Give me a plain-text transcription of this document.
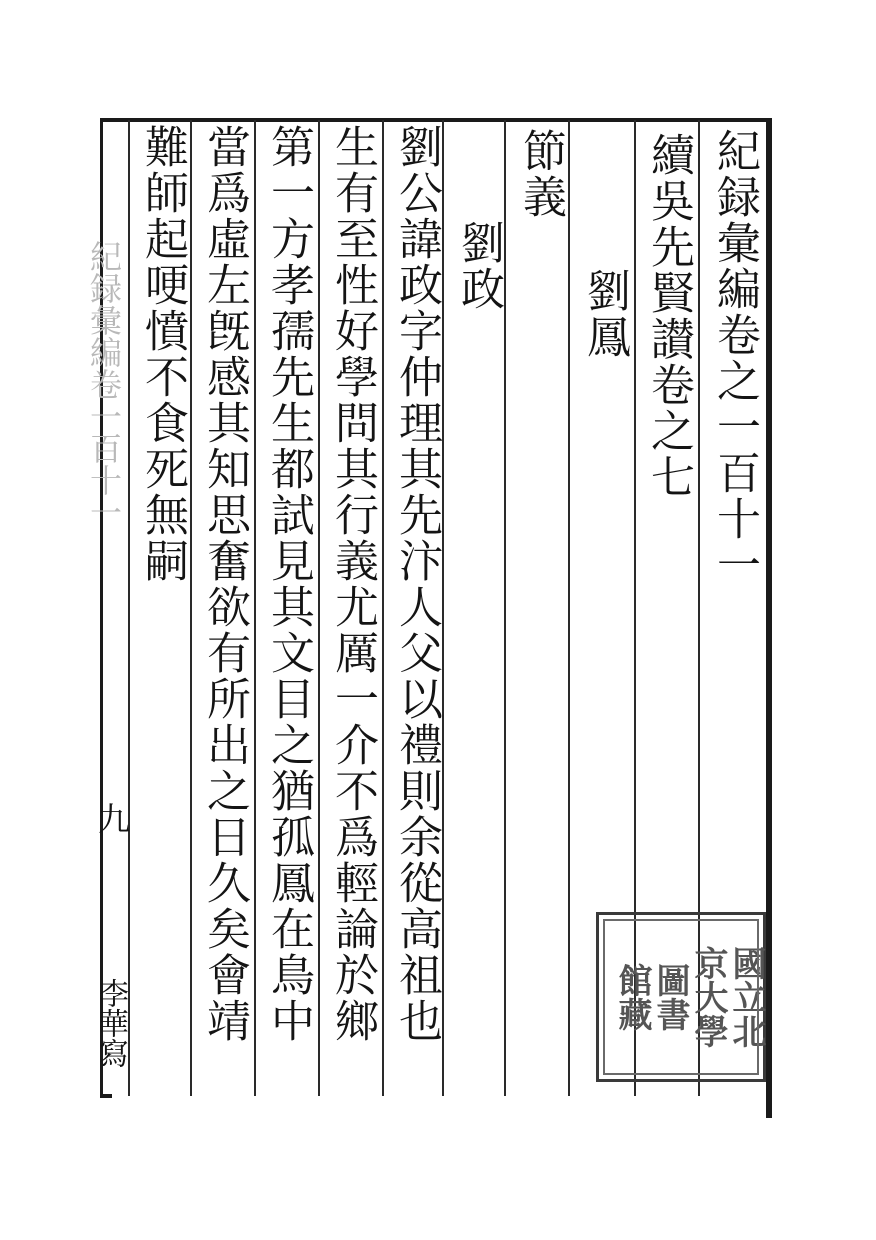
紀録彙編卷之一百十一
續吳先賢讃卷之七
劉鳳
節義
劉政
劉公諱政字仲理其先汴人父以禮則余從高祖也
生有至性好學問其行義尤厲一介不爲輕論於鄉
第一方孝孺先生都試見其文目之猶孤鳳在鳥中
當爲虛左旣感其知思奮欲有所出之日久矣會靖
難師起哽憤不食死無嗣
紀録彙編卷一百十一
九
李華寫	國立北
京大學
圖書
館藏
